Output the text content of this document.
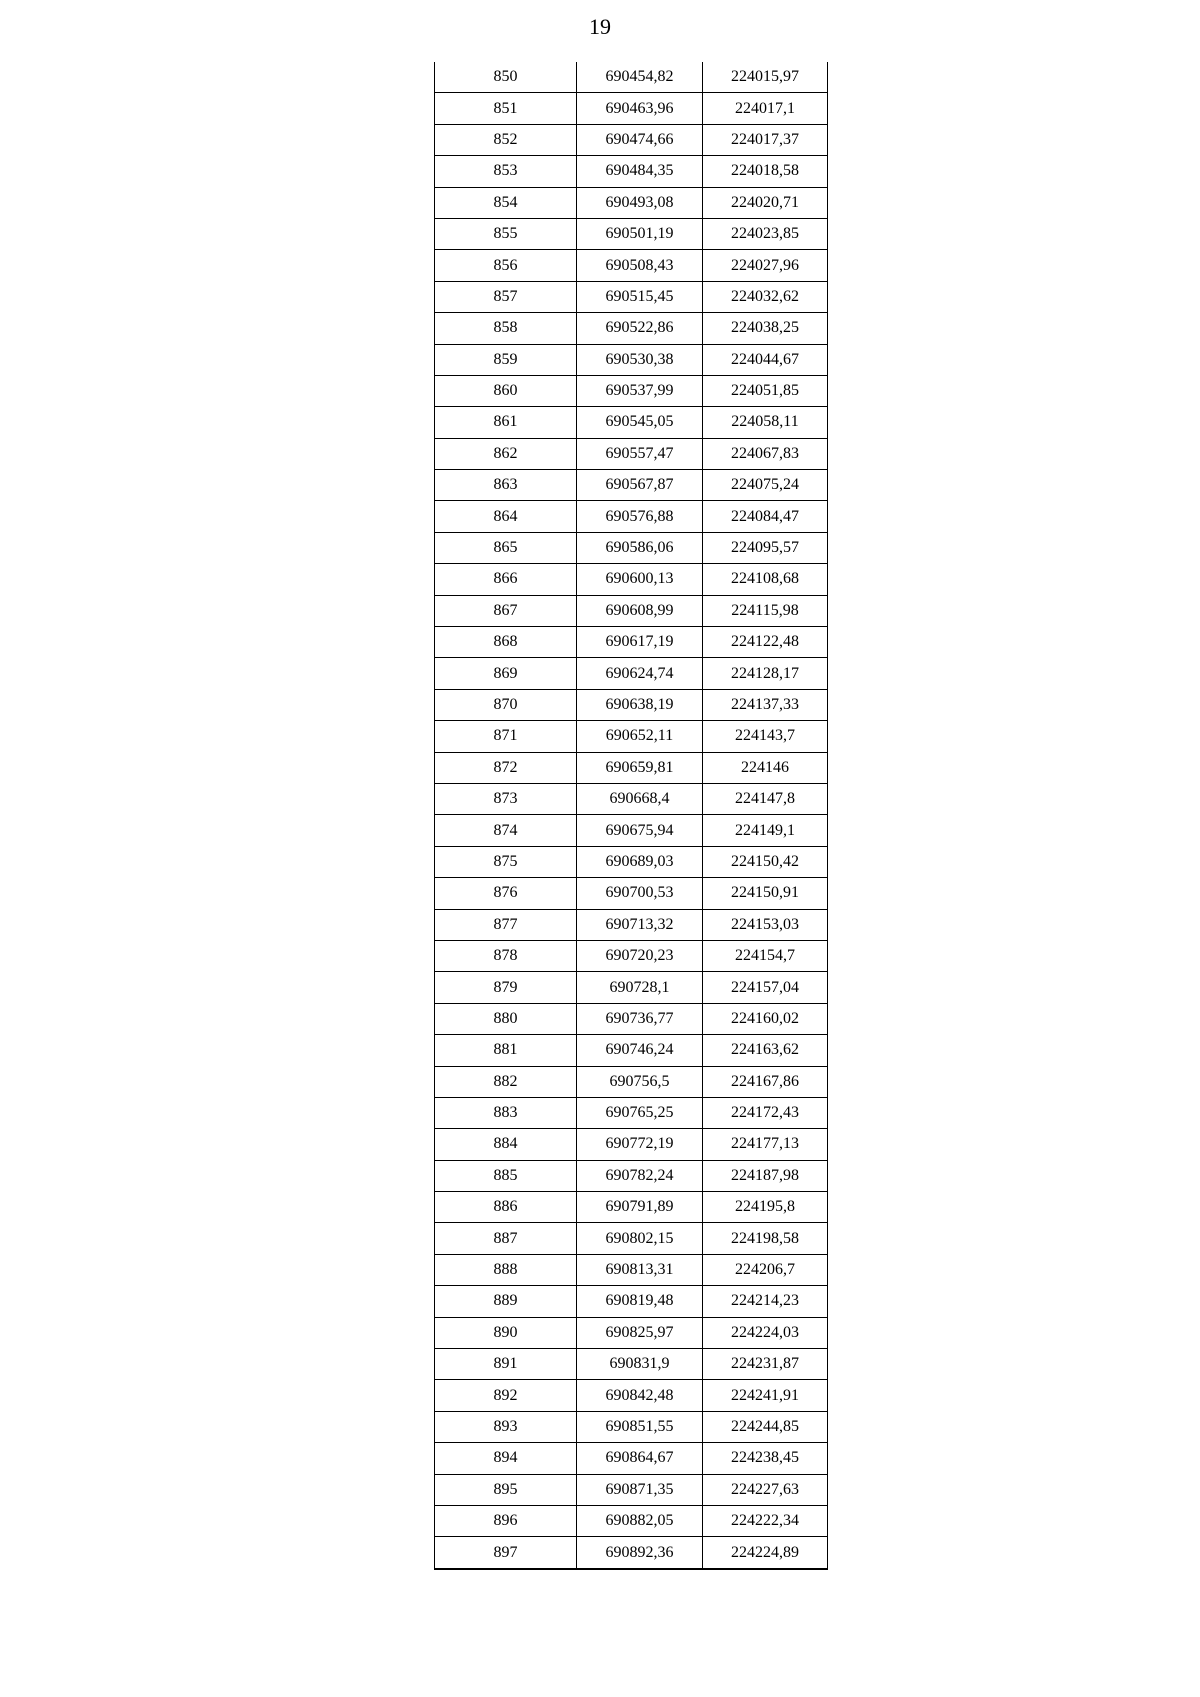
19
850	690454,82	224015,97
851	690463,96	224017,1
852	690474,66	224017,37
853	690484,35	224018,58
854	690493,08	224020,71
855	690501,19	224023,85
856	690508,43	224027,96
857	690515,45	224032,62
858	690522,86	224038,25
859	690530,38	224044,67
860	690537,99	224051,85
861	690545,05	224058,11
862	690557,47	224067,83
863	690567,87	224075,24
864	690576,88	224084,47
865	690586,06	224095,57
866	690600,13	224108,68
867	690608,99	224115,98
868	690617,19	224122,48
869	690624,74	224128,17
870	690638,19	224137,33
871	690652,11	224143,7
872	690659,81	224146
873	690668,4	224147,8
874	690675,94	224149,1
875	690689,03	224150,42
876	690700,53	224150,91
877	690713,32	224153,03
878	690720,23	224154,7
879	690728,1	224157,04
880	690736,77	224160,02
881	690746,24	224163,62
882	690756,5	224167,86
883	690765,25	224172,43
884	690772,19	224177,13
885	690782,24	224187,98
886	690791,89	224195,8
887	690802,15	224198,58
888	690813,31	224206,7
889	690819,48	224214,23
890	690825,97	224224,03
891	690831,9	224231,87
892	690842,48	224241,91
893	690851,55	224244,85
894	690864,67	224238,45
895	690871,35	224227,63
896	690882,05	224222,34
897	690892,36	224224,89
